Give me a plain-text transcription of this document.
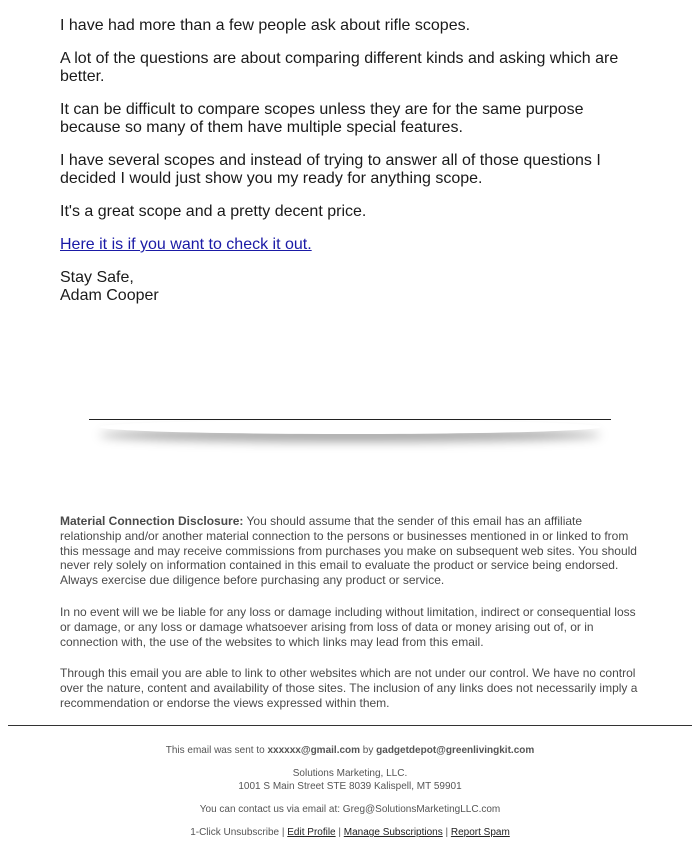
I have had more than a few people ask about rifle scopes.

A lot of the questions are about comparing different kinds and asking which are better.

It can be difficult to compare scopes unless they are for the same purpose because so many of them have multiple special features.

I have several scopes and instead of trying to answer all of those questions I decided I would just show you my ready for anything scope.

It's a great scope and a pretty decent price.

Here it is if you want to check it out.

Stay Safe,
Adam Cooper

Material Connection Disclosure: You should assume that the sender of this email has an affiliate relationship and/or another material connection to the persons or businesses mentioned in or linked to from this message and may receive commissions from purchases you make on subsequent web sites. You should never rely solely on information contained in this email to evaluate the product or service being endorsed. Always exercise due diligence before purchasing any product or service.

In no event will we be liable for any loss or damage including without limitation, indirect or consequential loss or damage, or any loss or damage whatsoever arising from loss of data or money arising out of, or in connection with, the use of the websites to which links may lead from this email.

Through this email you are able to link to other websites which are not under our control. We have no control over the nature, content and availability of those sites. The inclusion of any links does not necessarily imply a recommendation or endorse the views expressed within them.

This email was sent to xxxxxx@gmail.com by gadgetdepot@greenlivingkit.com

Solutions Marketing, LLC.

1001 S Main Street STE 8039 Kalispell, MT 59901

You can contact us via email at: Greg@SolutionsMarketingLLC.com

1-Click Unsubscribe | Edit Profile | Manage Subscriptions | Report Spam
